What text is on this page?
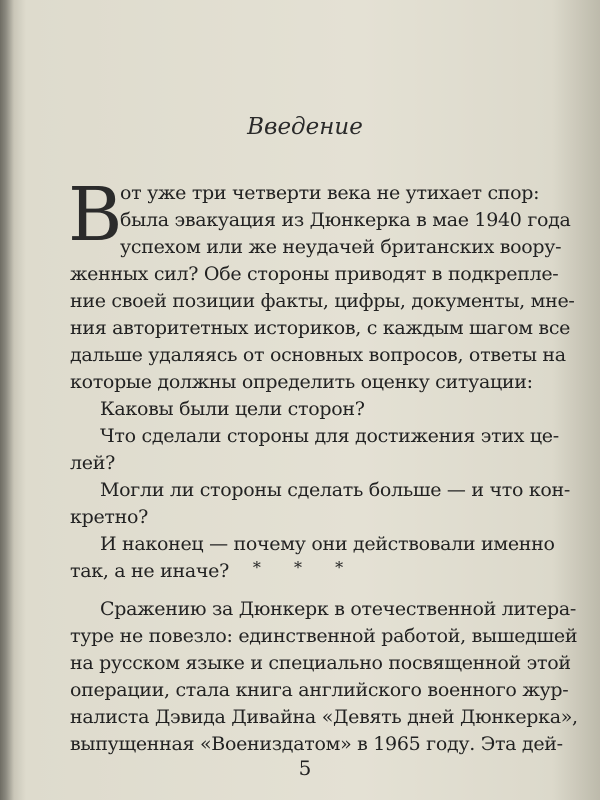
Введение
В
от уже три четверти века не утихает спор:
была эвакуация из Дюнкерка в мае 1940 года
успехом или же неудачей британских воору-
женных сил? Обе стороны приводят в подкрепле-
ние своей позиции факты, цифры, документы, мне-
ния авторитетных историков, с каждым шагом все
дальше удаляясь от основных вопросов, ответы на
которые должны определить оценку ситуации:
Каковы были цели сторон?
Что сделали стороны для достижения этих це-
лей?
Могли ли стороны сделать больше — и что кон-
кретно?
И наконец — почему они действовали именно
так, а не иначе?	* * *
Сражению за Дюнкерк в отечественной литера-
туре не повезло: единственной работой, вышедшей
на русском языке и специально посвященной этой
операции, стала книга английского военного жур-
налиста Дэвида Дивайна «Девять дней Дюнкерка»,
выпущенная «Воениздатом» в 1965 году. Эта дей-
5
